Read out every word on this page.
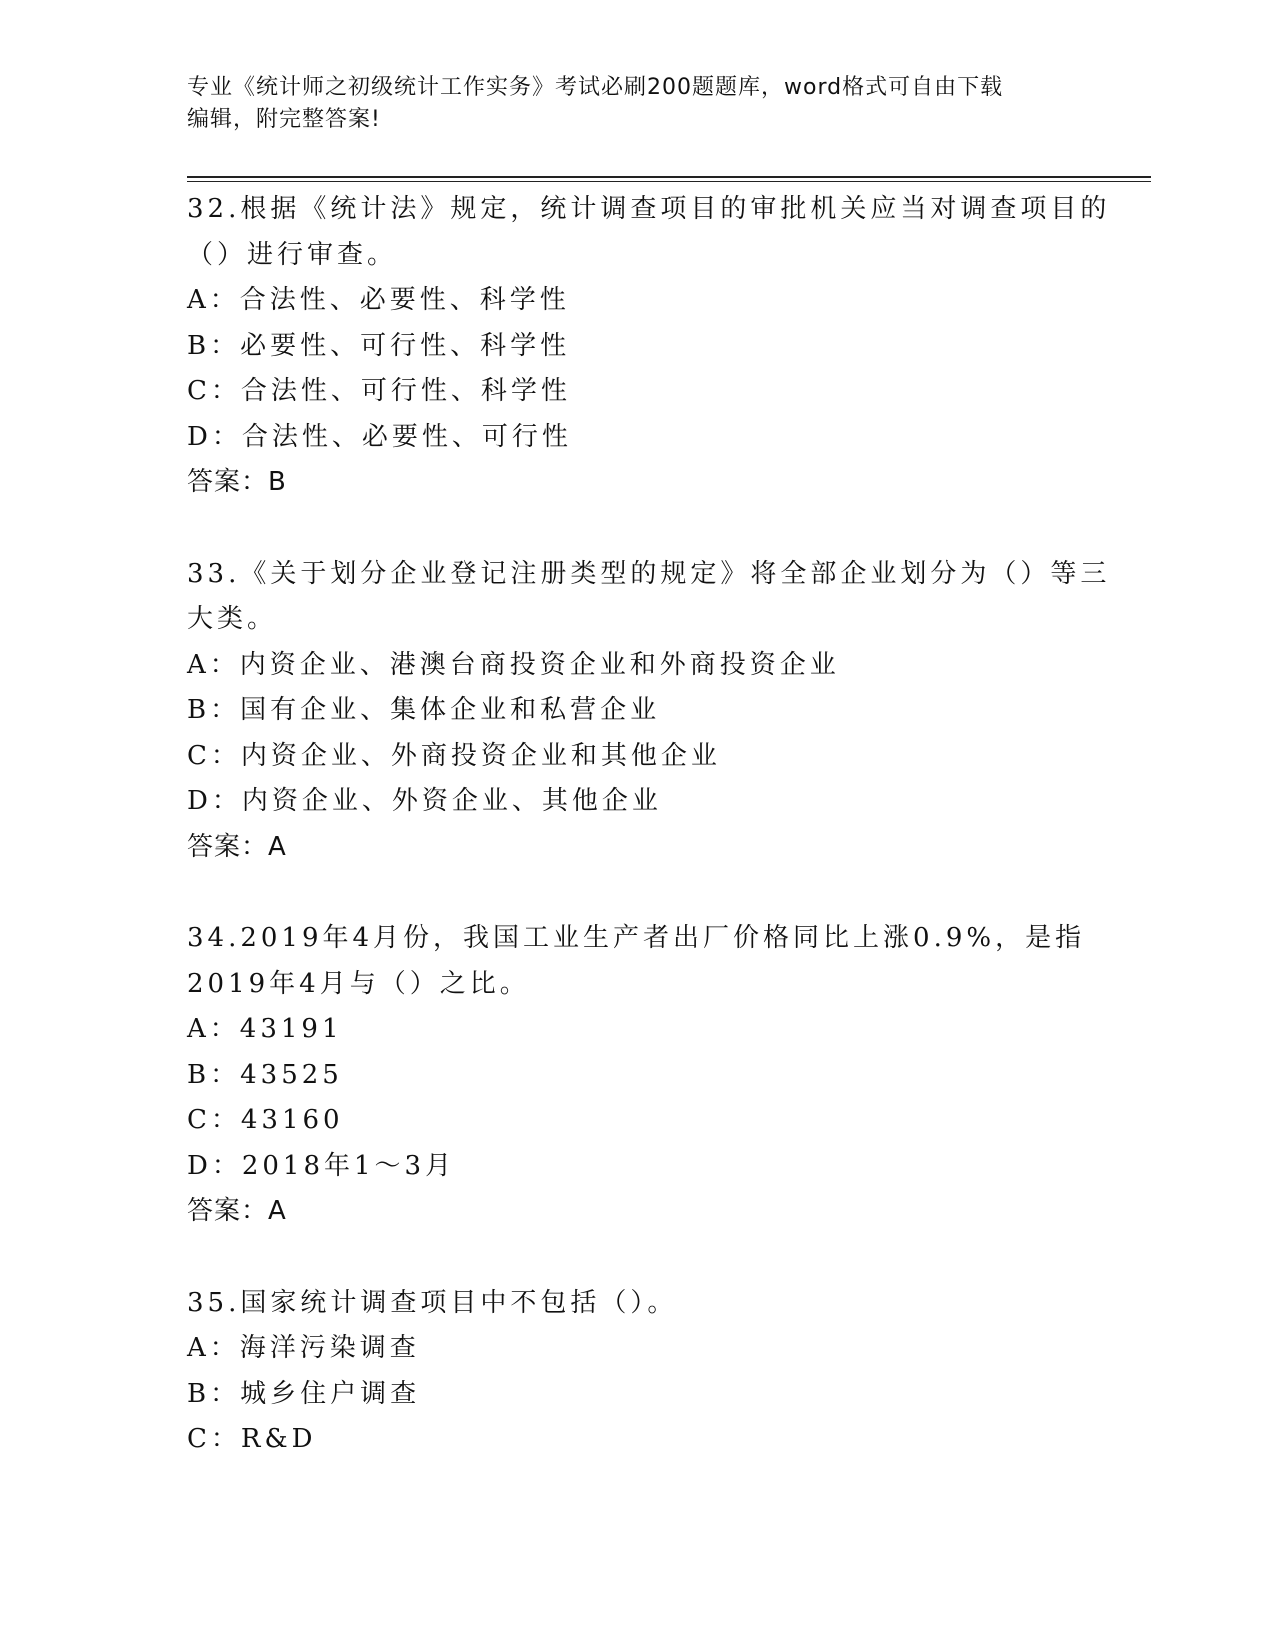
专业《统计师之初级统计工作实务》考试必刷200题题库，word格式可自由下载
编辑，附完整答案!
32.根据《统计法》规定，统计调查项目的审批机关应当对调查项目的
（）进行审查。
A：合法性、必要性、科学性
B：必要性、可行性、科学性
C：合法性、可行性、科学性
D：合法性、必要性、可行性
答案：B
33.《关于划分企业登记注册类型的规定》将全部企业划分为（）等三
大类。
A：内资企业、港澳台商投资企业和外商投资企业
B：国有企业、集体企业和私营企业
C：内资企业、外商投资企业和其他企业
D：内资企业、外资企业、其他企业
答案：A
34.2019年4月份，我国工业生产者出厂价格同比上涨0.9%，是指
2019年4月与（）之比。
A：43191
B：43525
C：43160
D：2018年1～3月
答案：A
35.国家统计调查项目中不包括（）。
A：海洋污染调查
B：城乡住户调查
C：R&D
